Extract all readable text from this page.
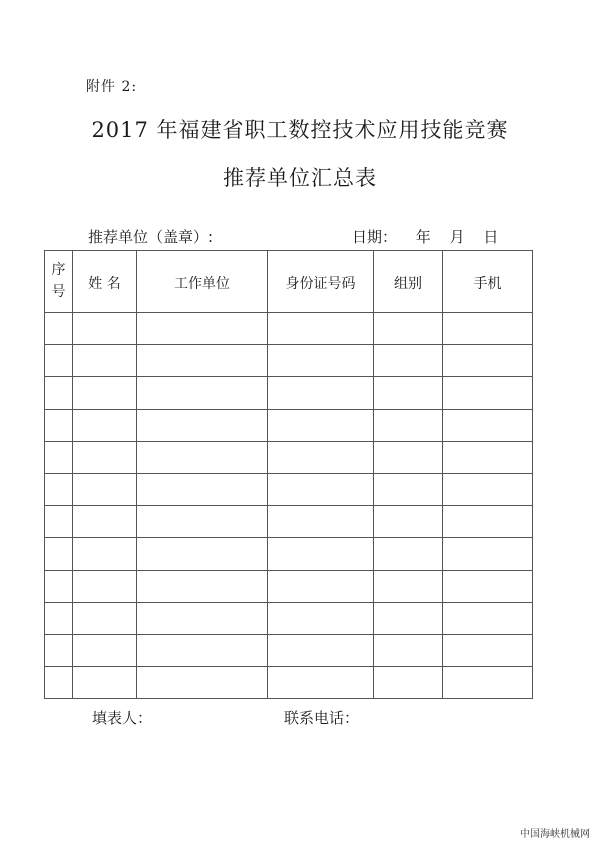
附件 2:
2017 年福建省职工数控技术应用技能竞赛
推荐单位汇总表
推荐单位（盖章）:	日期： 年 月 日
序
号	姓 名	工作单位	身份证号码	组别	手机

填表人：	联系电话：
中国海峡机械网
